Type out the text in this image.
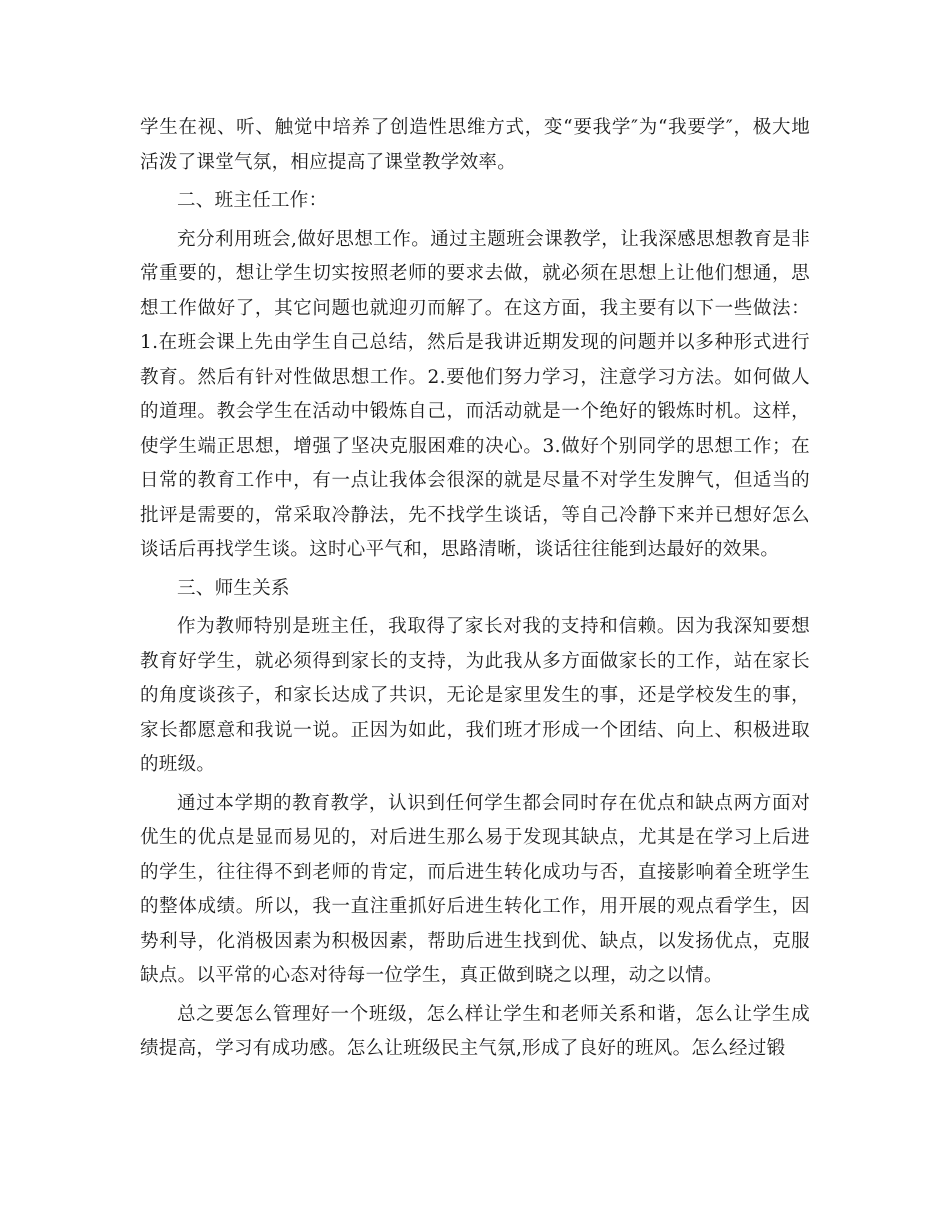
学生在视、听、触觉中培养了创造性思维方式，变“要我学″为“我要学″，极大地活泼了课堂气氛，相应提高了课堂教学效率。

二、班主任工作：

充分利用班会,做好思想工作。通过主题班会课教学，让我深感思想教育是非常重要的，想让学生切实按照老师的要求去做，就必须在思想上让他们想通，思想工作做好了，其它问题也就迎刃而解了。在这方面，我主要有以下一些做法：1.在班会课上先由学生自己总结，然后是我讲近期发现的问题并以多种形式进行教育。然后有针对性做思想工作。2.要他们努力学习，注意学习方法。如何做人的道理。教会学生在活动中锻炼自己，而活动就是一个绝好的锻炼时机。这样，使学生端正思想，增强了坚决克服困难的决心。3.做好个别同学的思想工作；在日常的教育工作中，有一点让我体会很深的就是尽量不对学生发脾气，但适当的批评是需要的，常采取冷静法，先不找学生谈话，等自己冷静下来并已想好怎么谈话后再找学生谈。这时心平气和，思路清晰，谈话往往能到达最好的效果。

三、师生关系

作为教师特别是班主任，我取得了家长对我的支持和信赖。因为我深知要想教育好学生，就必须得到家长的支持，为此我从多方面做家长的工作，站在家长的角度谈孩子，和家长达成了共识，无论是家里发生的事，还是学校发生的事，家长都愿意和我说一说。正因为如此，我们班才形成一个团结、向上、积极进取的班级。

通过本学期的教育教学，认识到任何学生都会同时存在优点和缺点两方面对优生的优点是显而易见的，对后进生那么易于发现其缺点，尤其是在学习上后进的学生，往往得不到老师的肯定，而后进生转化成功与否，直接影响着全班学生的整体成绩。所以，我一直注重抓好后进生转化工作，用开展的观点看学生，因势利导，化消极因素为积极因素，帮助后进生找到优、缺点，以发扬优点，克服缺点。以平常的心态对待每一位学生，真正做到晓之以理，动之以情。

总之要怎么管理好一个班级，怎么样让学生和老师关系和谐，怎么让学生成绩提高，学习有成功感。怎么让班级民主气氛,形成了良好的班风。怎么经过锻
